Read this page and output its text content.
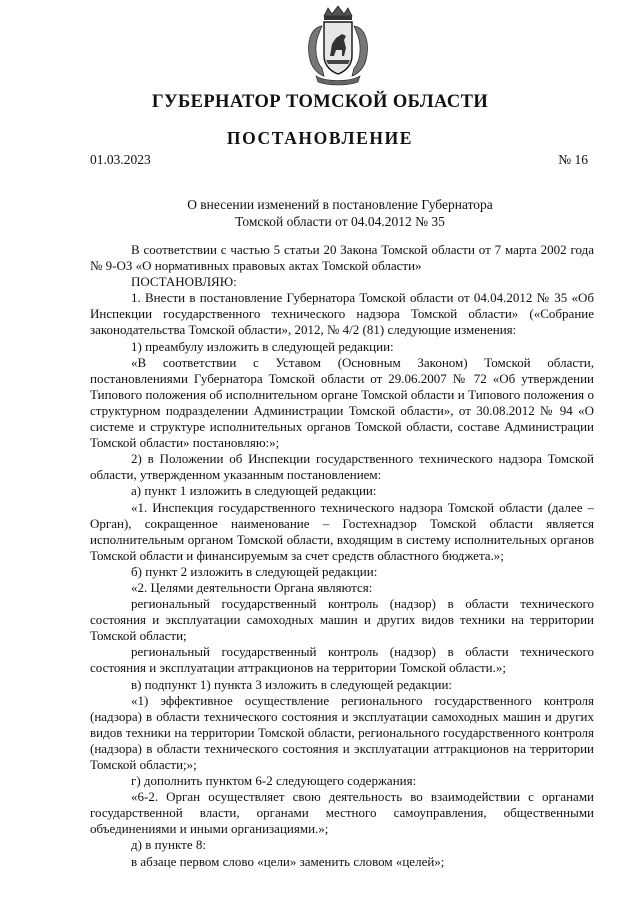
ГУБЕРНАТОР ТОМСКОЙ ОБЛАСТИ
ПОСТАНОВЛЕНИЕ
01.03.2023	№ 16
О внесении изменений в постановление Губернатора
Томской области от 04.04.2012 № 35

В соответствии с частью 5 статьи 20 Закона Томской области от 7 марта 2002 года № 9-ОЗ «О нормативных правовых актах Томской области»

ПОСТАНОВЛЯЮ:

1. Внести в постановление Губернатора Томской области от 04.04.2012 № 35 «Об Инспекции государственного технического надзора Томской области» («Собрание законодательства Томской области», 2012, № 4/2 (81) следующие изменения:

1) преамбулу изложить в следующей редакции:

«В соответствии с Уставом (Основным Законом) Томской области, постановлениями Губернатора Томской области от 29.06.2007 № 72 «Об утверждении Типового положения об исполнительном органе Томской области и Типового положения о структурном подразделении Администрации Томской области», от 30.08.2012 № 94 «О системе и структуре исполнительных органов Томской области, составе Администрации Томской области» постановляю:»;

2) в Положении об Инспекции государственного технического надзора Томской области, утвержденном указанным постановлением:

а) пункт 1 изложить в следующей редакции:

«1. Инспекция государственного технического надзора Томской области (далее – Орган), сокращенное наименование – Гостехнадзор Томской области является исполнительным органом Томской области, входящим в систему исполнительных органов Томской области и финансируемым за счет средств областного бюджета.»;

б) пункт 2 изложить в следующей редакции:

«2. Целями деятельности Органа являются:

региональный государственный контроль (надзор) в области технического состояния и эксплуатации самоходных машин и других видов техники на территории Томской области;

региональный государственный контроль (надзор) в области технического состояния и эксплуатации аттракционов на территории Томской области.»;

в) подпункт 1) пункта 3 изложить в следующей редакции:

«1) эффективное осуществление регионального государственного контроля (надзора) в области технического состояния и эксплуатации самоходных машин и других видов техники на территории Томской области, регионального государственного контроля (надзора) в области технического состояния и эксплуатации аттракционов на территории Томской области;»;

г) дополнить пунктом 6-2 следующего содержания:

«6-2. Орган осуществляет свою деятельность во взаимодействии с органами государственной власти, органами местного самоуправления, общественными объединениями и иными организациями.»;

д) в пункте 8:

в абзаце первом слово «цели» заменить словом «целей»;
